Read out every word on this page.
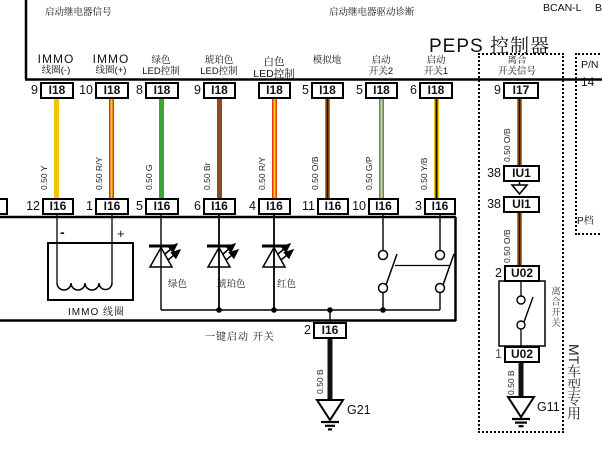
启动继电器信号	启动继电器驱动诊断	BCAN-L B
PEPS 控制器
IMMO
线圈(-)
IMMO
线圈(+)
绿色
LED控制
琥珀色
LED控制
白色
LED控制
模拟地	启动
开关2
启动
开关1
离合
开关信号
9 I18	10 I18	8 I18	9 I18	I18	5 I18	5 I18	6 I18	9 I17
0.50 Y	0.50 R/Y	0.50 G	0.50 Br	0.50 R/Y	0.50 O/B	0.50 G/P	0.50 Y/B
12 I16	1 I16	5 I16	6 I16	4 I16	11 I16 10 I16	3 I16
-	+
IMMO 线圈
绿色	琥珀色	红色
一键启动 开关
2 I16
0.50 B
G21
0.50 O/B
38 IU1
38 UI1
0.50 O/B
2 U02
离合开关
1 U02
0.50 B
G11 MT车型专用
P/N
14
P档
